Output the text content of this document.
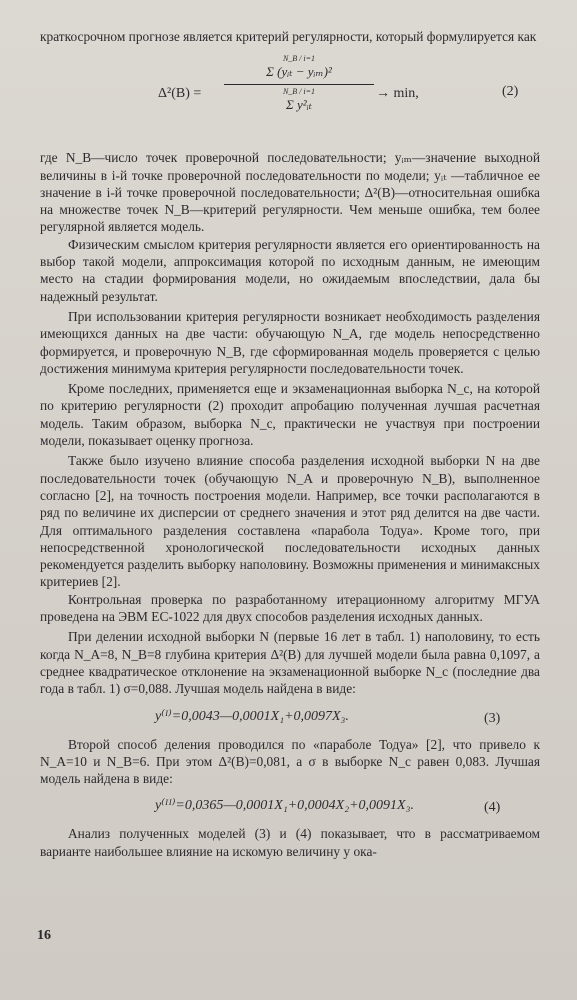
краткосрочном прогнозе является критерий регулярности, который формулируется как

Δ²(B) =
N_B / i=1
Σ (yᵢₜ − yᵢₘ)²
N_B / i=1
Σ y²ᵢₜ
→ min,	(2)

где N_B—число точек проверочной последовательности; yᵢₘ—значение выходной величины в i-й точке проверочной последовательности по модели; yᵢₜ —табличное ее значение в i-й точке проверочной последовательности; Δ²(B)—относительная ошибка на множестве точек N_B—критерий регулярности. Чем меньше ошибка, тем более регулярной является модель.

Физическим смыслом критерия регулярности является его ориентированность на выбор такой модели, аппроксимация которой по исходным данным, не имеющим место на стадии формирования модели, но ожидаемым впоследствии, дала бы надежный результат.

При использовании критерия регулярности возникает необходимость разделения имеющихся данных на две части: обучающую N_A, где модель непосредственно формируется, и проверочную N_B, где сформированная модель проверяется с целью достижения минимума критерия регулярности последовательности точек.

Кроме последних, применяется еще и экзаменационная выборка N_c, на которой по критерию регулярности (2) проходит апробацию полученная лучшая расчетная модель. Таким образом, выборка N_c, практически не участвуя при построении модели, показывает оценку прогноза.

Также было изучено влияние способа разделения исходной выборки N на две последовательности точек (обучающую N_A и проверочную N_B), выполненное согласно [2], на точность построения модели. Например, все точки располагаются в ряд по величине их дисперсии от среднего значения и этот ряд делится на две части. Для оптимального разделения составлена «парабола Тодуа». Кроме того, при непосредственной хронологической последовательности исходных данных рекомендуется разделить выборку наполовину. Возможны применения и минимаксных критериев [2].

Контрольная проверка по разработанному итерационному алгоритму МГУА проведена на ЭВМ ЕС-1022 для двух способов разделения исходных данных.

При делении исходной выборки N (первые 16 лет в табл. 1) наполовину, то есть когда N_A=8, N_B=8 глубина критерия Δ²(B) для лучшей модели была равна 0,1097, а среднее квадратическое отклонение на экзаменационной выборке N_c (последние два года в табл. 1) σ=0,088. Лучшая модель найдена в виде:

y⁽ᴵ⁾=0,0043—0,0001X₁+0,0097X₃.	(3)

Второй способ деления проводился по «параболе Тодуа» [2], что привело к N_A=10 и N_B=6. При этом Δ²(B)=0,081, а σ в выборке N_c равен 0,083. Лучшая модель найдена в виде:

y⁽ᴵᴵ⁾=0,0365—0,0001X₁+0,0004X₂+0,0091X₃.	(4)

Анализ полученных моделей (3) и (4) показывает, что в рассматриваемом варианте наибольшее влияние на искомую величину y ока-

16
